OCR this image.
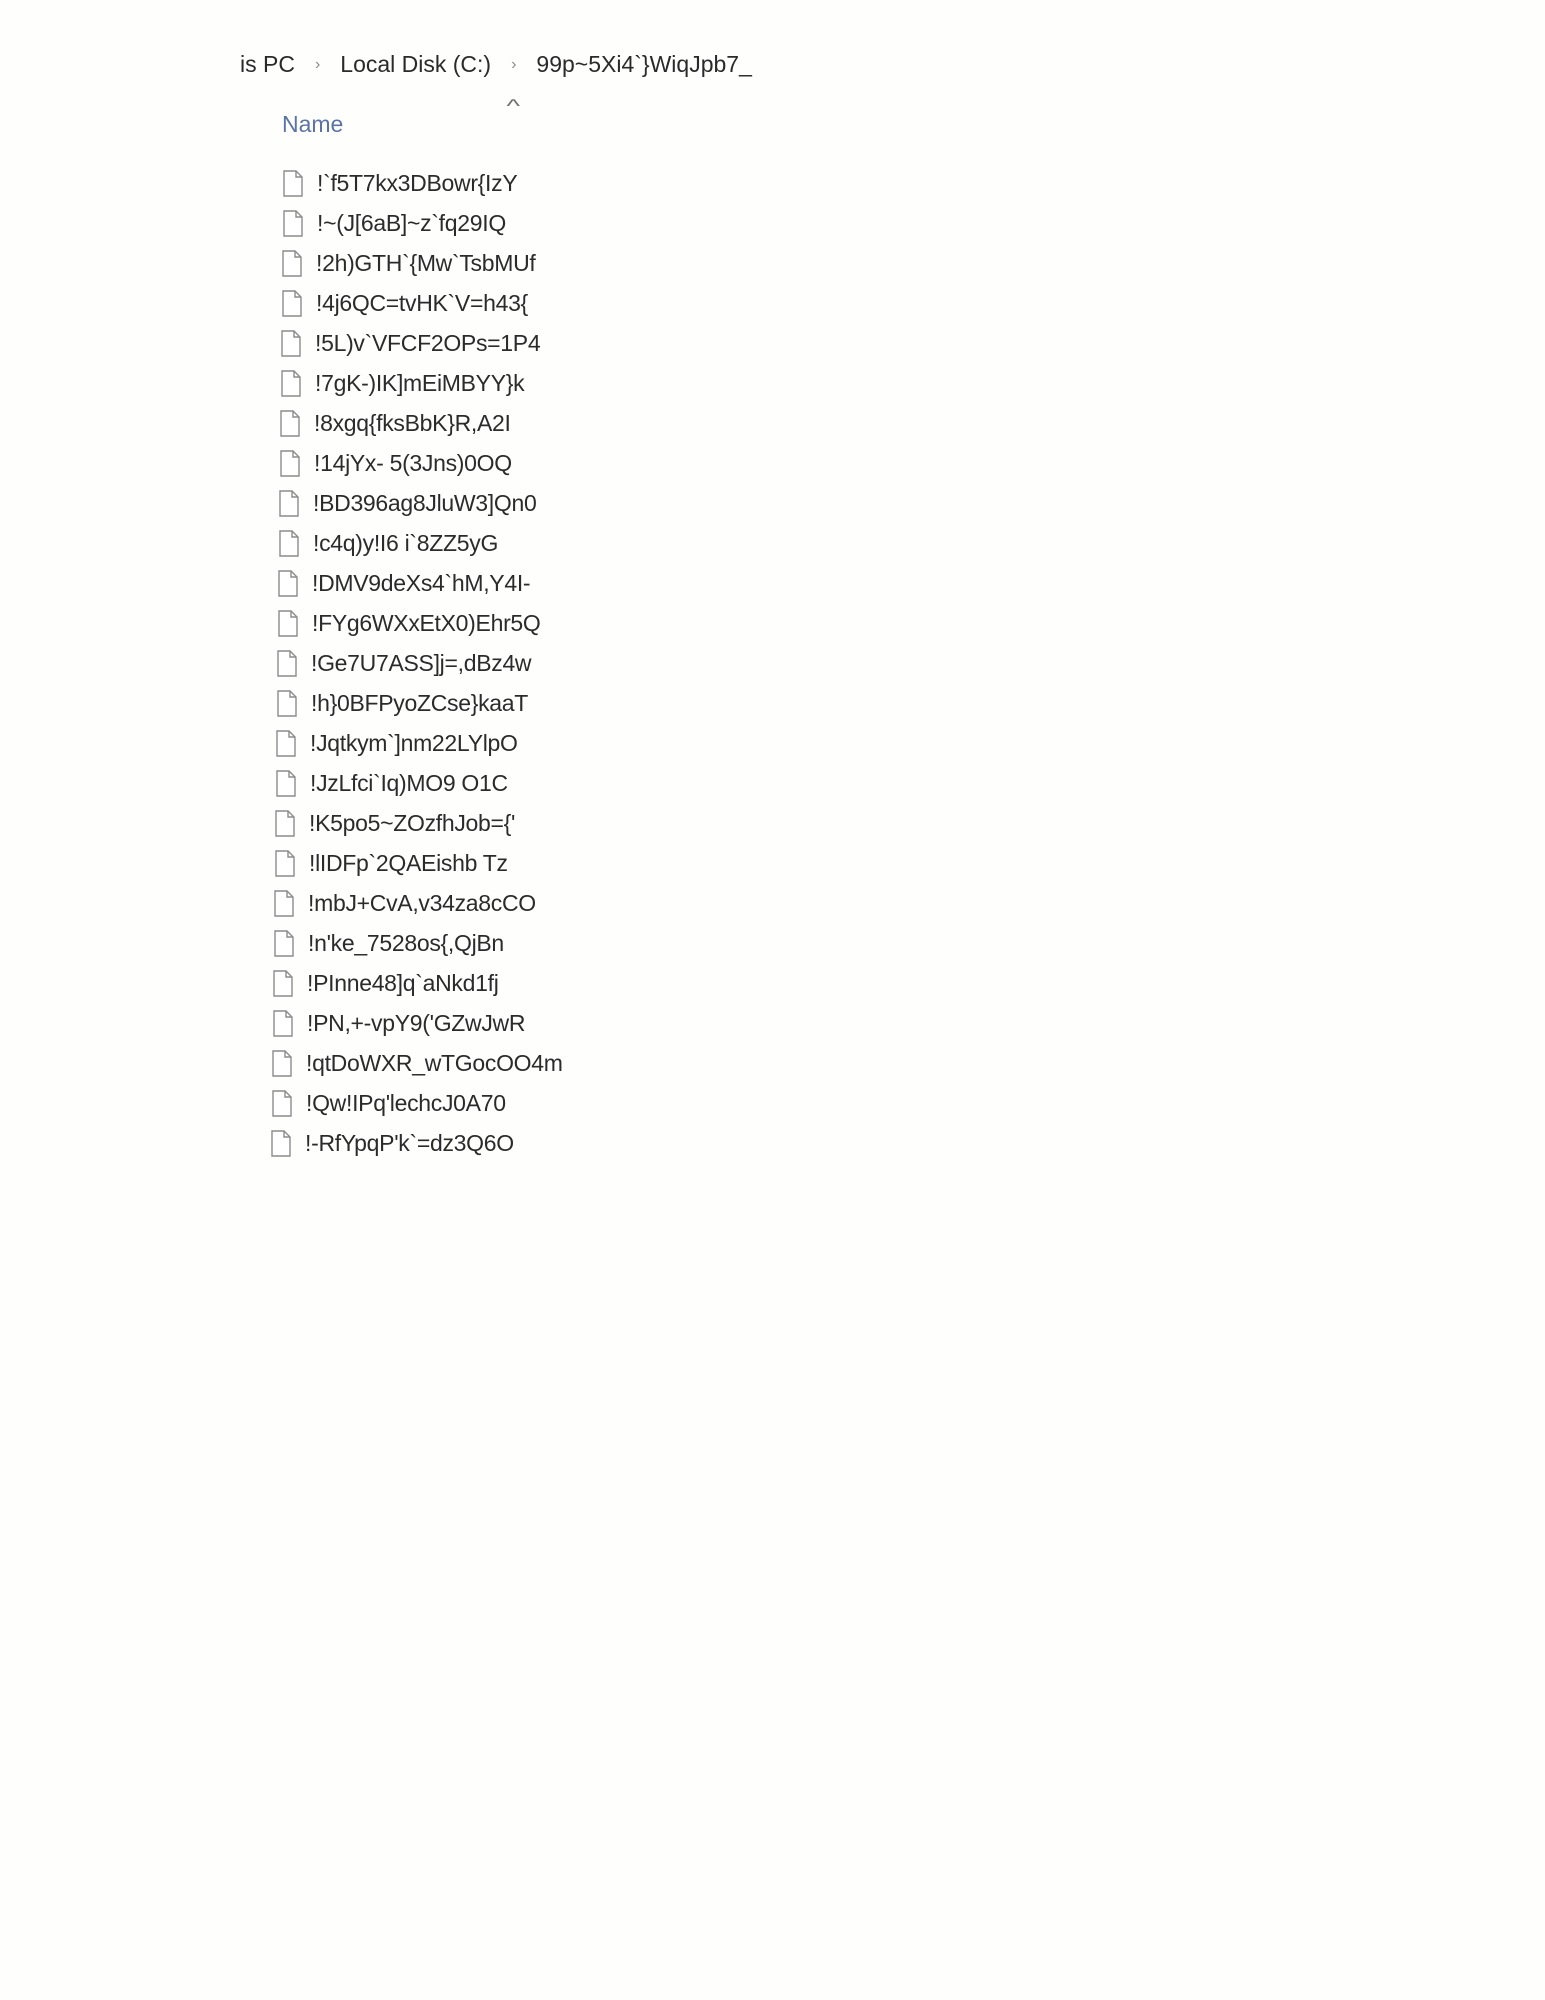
is PC › Local Disk (C:) › 99p~5Xi4`}WiqJpb7_
^
Name
!`f5T7kx3DBowr{IzY
!~(J[6aB]~z`fq29IQ
!2h)GTH`{Mw`TsbMUf
!4j6QC=tvHK`V=h43{
!5L)v`VFCF2OPs=1P4
!7gK-)IK]mEiMBYY}k
!8xgq{fksBbK}R,A2I
!14jYx- 5(3Jns)0OQ
!BD396ag8JluW3]Qn0
!c4q)y!I6 i`8ZZ5yG
!DMV9deXs4`hM,Y4I-
!FYg6WXxEtX0)Ehr5Q
!Ge7U7ASS]j=,dBz4w
!h}0BFPyoZCse}kaaT
!Jqtkym`]nm22LYlpO
!JzLfci`Iq)MO9 O1C
!K5po5~ZOzfhJob={'
!lIDFp`2QAEishb Tz
!mbJ+CvA,v34za8cCO
!n'ke_7528os{,QjBn
!PInne48]q`aNkd1fj
!PN,+-vpY9('GZwJwR
!qtDoWXR_wTGocOO4m
!Qw!IPq'lechcJ0A70
!-RfYpqP'k`=dz3Q6O
